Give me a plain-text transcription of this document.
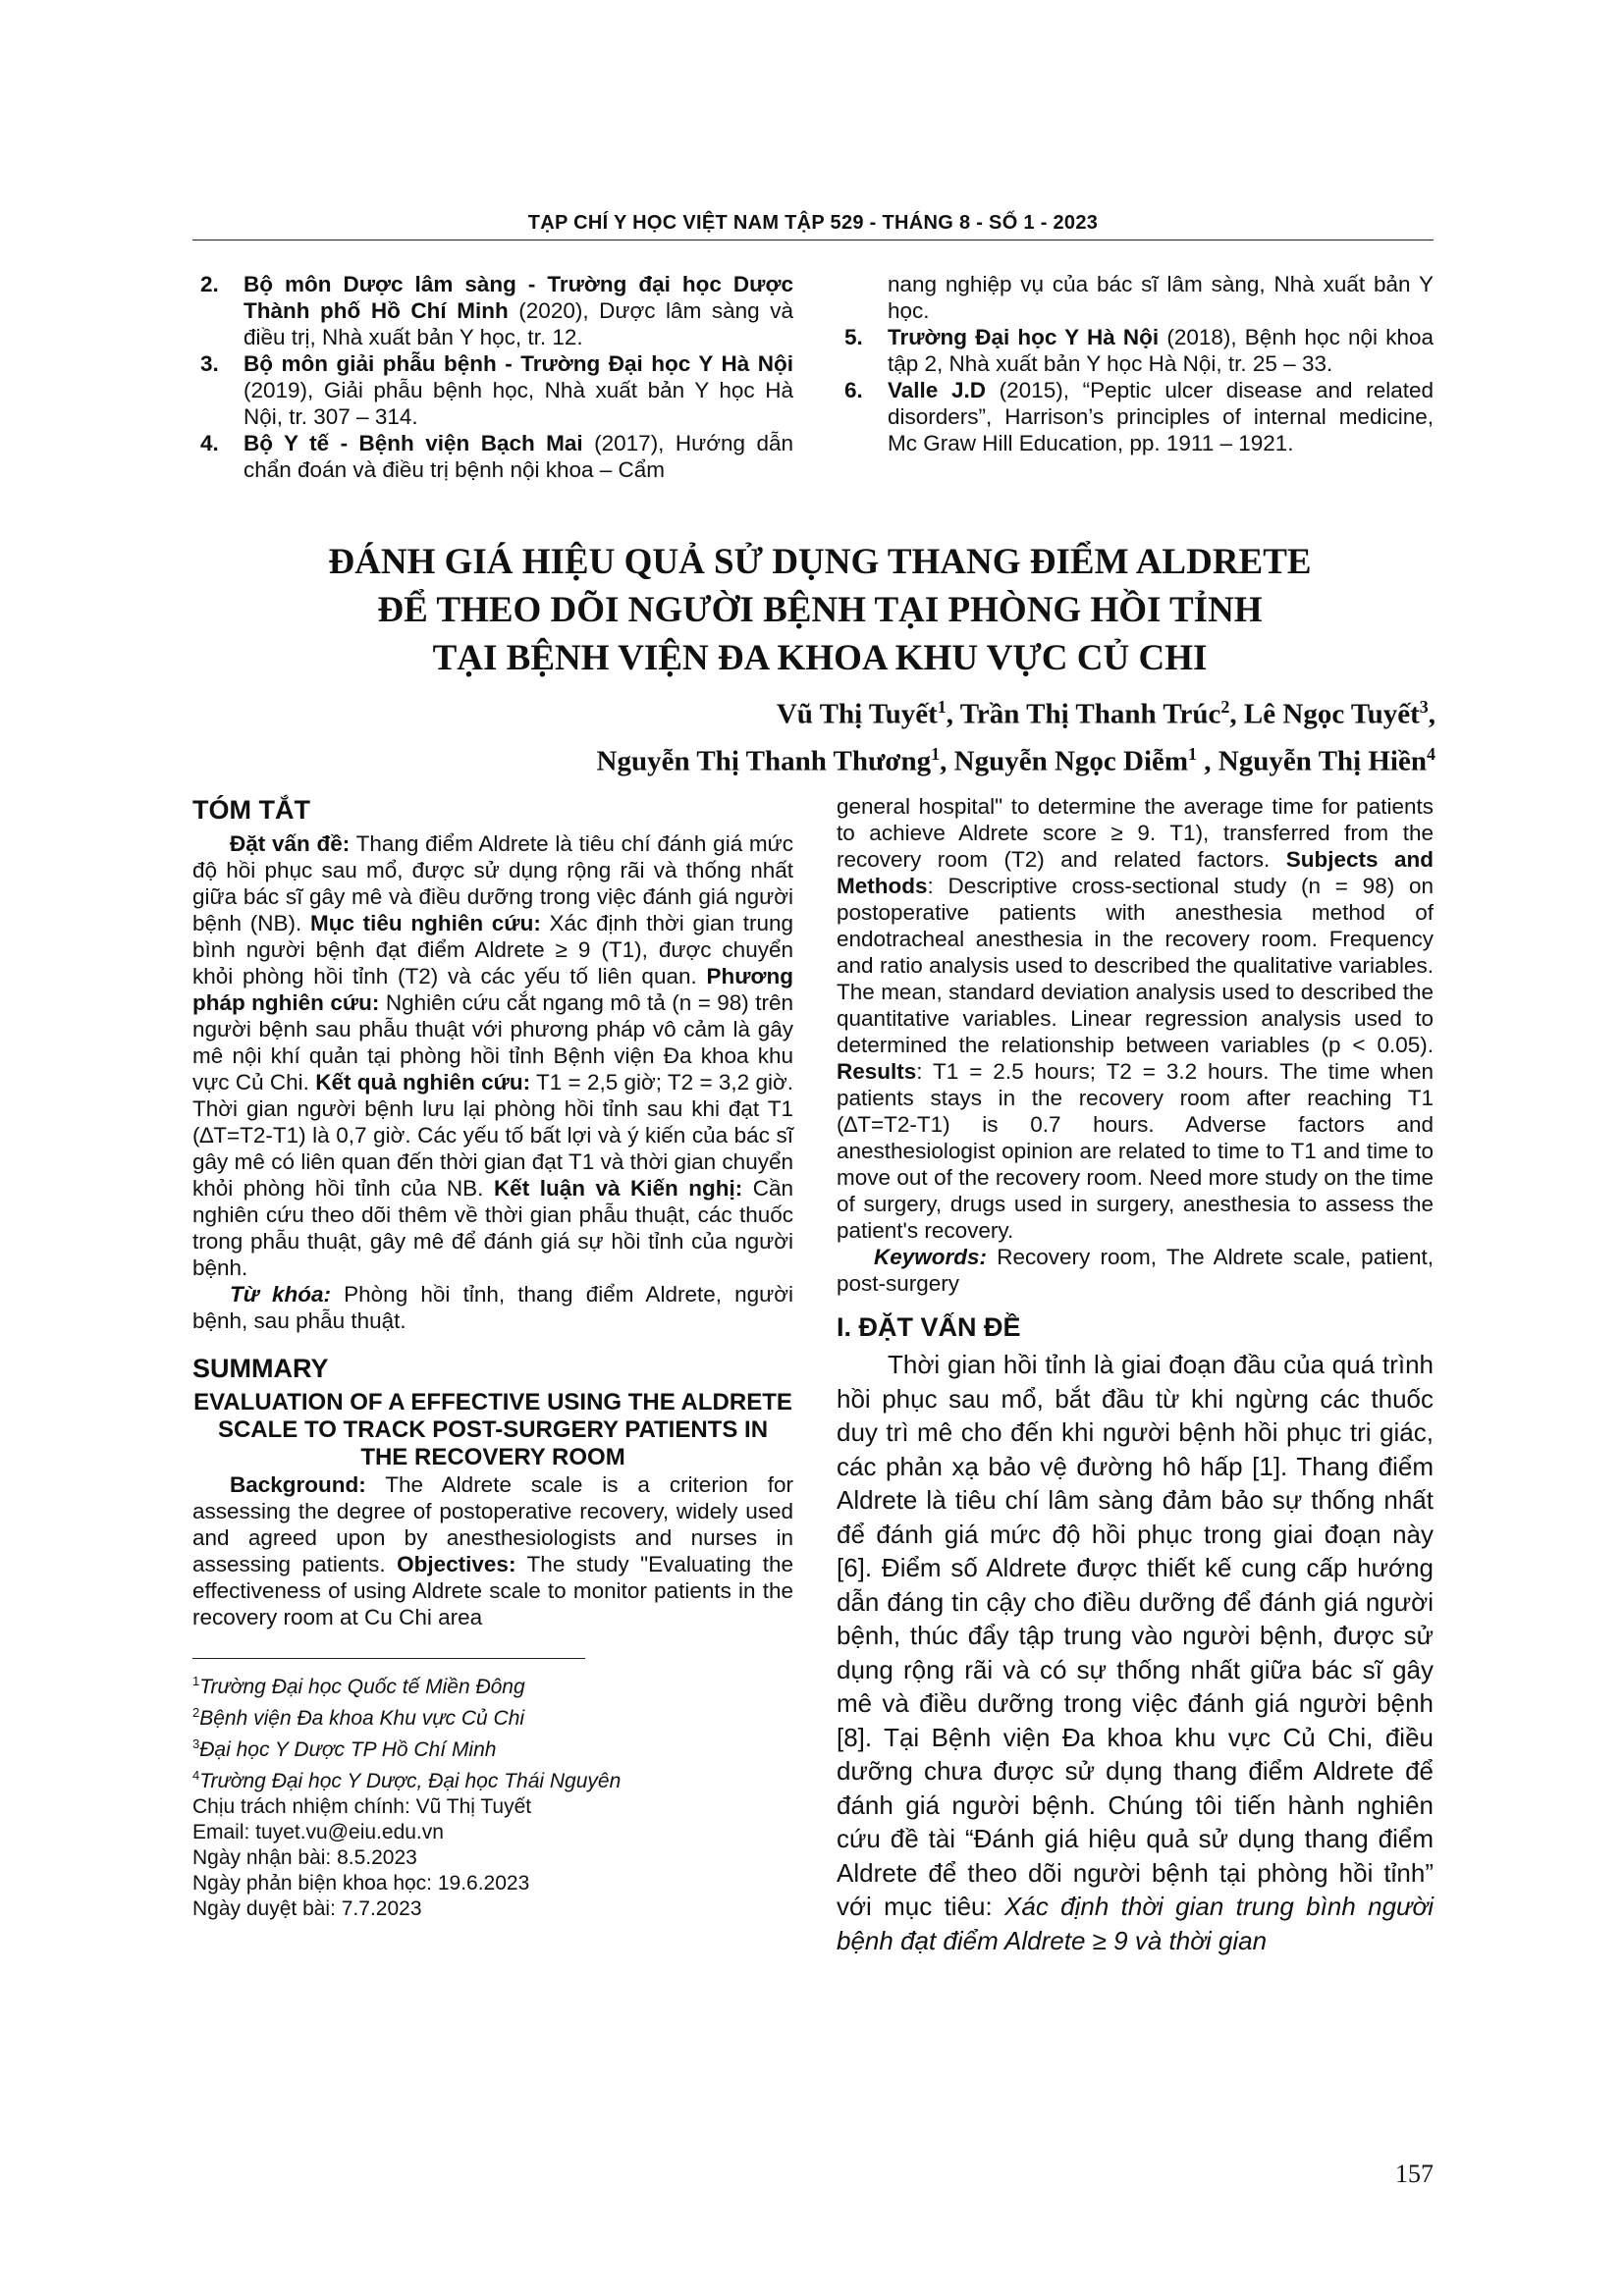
TẠP CHÍ Y HỌC VIỆT NAM TẬP 529 - THÁNG 8 - SỐ 1 - 2023
2. Bộ môn Dược lâm sàng - Trường đại học Dược Thành phố Hồ Chí Minh (2020), Dược lâm sàng và điều trị, Nhà xuất bản Y học, tr. 12.
3. Bộ môn giải phẫu bệnh - Trường Đại học Y Hà Nội (2019), Giải phẫu bệnh học, Nhà xuất bản Y học Hà Nội, tr. 307 – 314.
4. Bộ Y tế - Bệnh viện Bạch Mai (2017), Hướng dẫn chẩn đoán và điều trị bệnh nội khoa – Cẩm
nang nghiệp vụ của bác sĩ lâm sàng, Nhà xuất bản Y học.
5. Trường Đại học Y Hà Nội (2018), Bệnh học nội khoa tập 2, Nhà xuất bản Y học Hà Nội, tr. 25 – 33.
6. Valle J.D (2015), “Peptic ulcer disease and related disorders”, Harrison’s principles of internal medicine, Mc Graw Hill Education, pp. 1911 – 1921.
ĐÁNH GIÁ HIỆU QUẢ SỬ DỤNG THANG ĐIỂM ALDRETE
ĐỂ THEO DÕI NGƯỜI BỆNH TẠI PHÒNG HỒI TỈNH
TẠI BỆNH VIỆN ĐA KHOA KHU VỰC CỦ CHI
Vũ Thị Tuyết$^1$, Trần Thị Thanh Trúc$^2$, Lê Ngọc Tuyết$^3$,
Nguyễn Thị Thanh Thương$^1$, Nguyễn Ngọc Diễm$^1$ , Nguyễn Thị Hiền$^4$
TÓM TẮT

Đặt vấn đề: Thang điểm Aldrete là tiêu chí đánh giá mức độ hồi phục sau mổ, được sử dụng rộng rãi và thống nhất giữa bác sĩ gây mê và điều dưỡng trong việc đánh giá người bệnh (NB). Mục tiêu nghiên cứu: Xác định thời gian trung bình người bệnh đạt điểm Aldrete ≥ 9 (T1), được chuyển khỏi phòng hồi tỉnh (T2) và các yếu tố liên quan. Phương pháp nghiên cứu: Nghiên cứu cắt ngang mô tả (n = 98) trên người bệnh sau phẫu thuật với phương pháp vô cảm là gây mê nội khí quản tại phòng hồi tỉnh Bệnh viện Đa khoa khu vực Củ Chi. Kết quả nghiên cứu: T1 = 2,5 giờ; T2 = 3,2 giờ. Thời gian người bệnh lưu lại phòng hồi tỉnh sau khi đạt T1 (∆T=T2-T1) là 0,7 giờ. Các yếu tố bất lợi và ý kiến của bác sĩ gây mê có liên quan đến thời gian đạt T1 và thời gian chuyển khỏi phòng hồi tỉnh của NB. Kết luận và Kiến nghị: Cần nghiên cứu theo dõi thêm về thời gian phẫu thuật, các thuốc trong phẫu thuật, gây mê để đánh giá sự hồi tỉnh của người bệnh.

Từ khóa: Phòng hồi tỉnh, thang điểm Aldrete, người bệnh, sau phẫu thuật.

SUMMARY
EVALUATION OF A EFFECTIVE USING THE ALDRETE SCALE TO TRACK POST-SURGERY PATIENTS IN THE RECOVERY ROOM

Background: The Aldrete scale is a criterion for assessing the degree of postoperative recovery, widely used and agreed upon by anesthesiologists and nurses in assessing patients. Objectives: The study "Evaluating the effectiveness of using Aldrete scale to monitor patients in the recovery room at Cu Chi area

$^1$Trường Đại học Quốc tế Miền Đông
$^2$Bệnh viện Đa khoa Khu vực Củ Chi
$^3$Đại học Y Dược TP Hồ Chí Minh
$^4$Trường Đại học Y Dược, Đại học Thái Nguyên
Chịu trách nhiệm chính: Vũ Thị Tuyết
Email: tuyet.vu@eiu.edu.vn
Ngày nhận bài: 8.5.2023
Ngày phản biện khoa học: 19.6.2023
Ngày duyệt bài: 7.7.2023

general hospital" to determine the average time for patients to achieve Aldrete score ≥ 9. T1), transferred from the recovery room (T2) and related factors. Subjects and Methods: Descriptive cross-sectional study (n = 98) on postoperative patients with anesthesia method of endotracheal anesthesia in the recovery room. Frequency and ratio analysis used to described the qualitative variables. The mean, standard deviation analysis used to described the quantitative variables. Linear regression analysis used to determined the relationship between variables (p < 0.05). Results: T1 = 2.5 hours; T2 = 3.2 hours. The time when patients stays in the recovery room after reaching T1 (∆T=T2-T1) is 0.7 hours. Adverse factors and anesthesiologist opinion are related to time to T1 and time to move out of the recovery room. Need more study on the time of surgery, drugs used in surgery, anesthesia to assess the patient's recovery.

Keywords: Recovery room, The Aldrete scale, patient, post-surgery

I. ĐẶT VẤN ĐỀ

Thời gian hồi tỉnh là giai đoạn đầu của quá trình hồi phục sau mổ, bắt đầu từ khi ngừng các thuốc duy trì mê cho đến khi người bệnh hồi phục tri giác, các phản xạ bảo vệ đường hô hấp [1]. Thang điểm Aldrete là tiêu chí lâm sàng đảm bảo sự thống nhất để đánh giá mức độ hồi phục trong giai đoạn này [6]. Điểm số Aldrete được thiết kế cung cấp hướng dẫn đáng tin cậy cho điều dưỡng để đánh giá người bệnh, thúc đẩy tập trung vào người bệnh, được sử dụng rộng rãi và có sự thống nhất giữa bác sĩ gây mê và điều dưỡng trong việc đánh giá người bệnh [8]. Tại Bệnh viện Đa khoa khu vực Củ Chi, điều dưỡng chưa được sử dụng thang điểm Aldrete để đánh giá người bệnh. Chúng tôi tiến hành nghiên cứu đề tài “Đánh giá hiệu quả sử dụng thang điểm Aldrete để theo dõi người bệnh tại phòng hồi tỉnh” với mục tiêu: Xác định thời gian trung bình người bệnh đạt điểm Aldrete ≥ 9 và thời gian

157
